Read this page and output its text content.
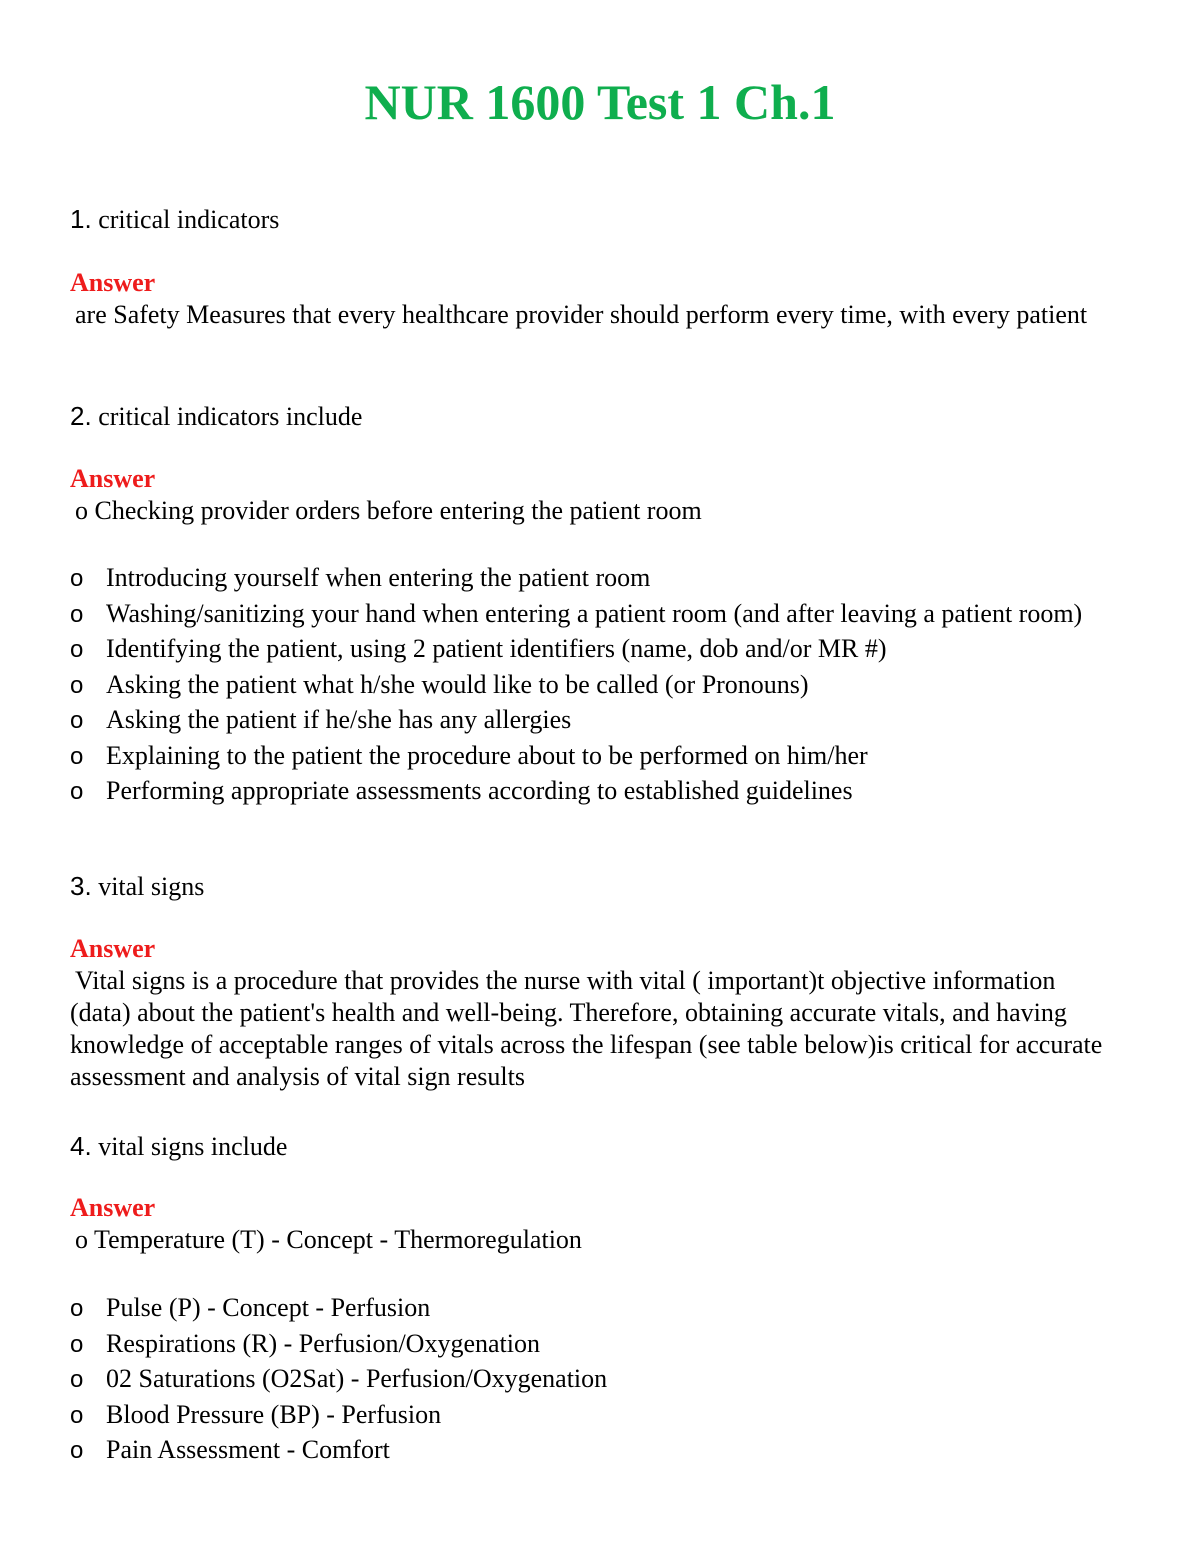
NUR 1600 Test 1 Ch.1
1. critical indicators
Answer
are Safety Measures that every healthcare provider should perform every time, with every patient
2. critical indicators include
Answer
o Checking provider orders before entering the patient room
o Introducing yourself when entering the patient room
o Washing/sanitizing your hand when entering a patient room (and after leaving a patient room)
o Identifying the patient, using 2 patient identifiers (name, dob and/or MR #)
o Asking the patient what h/she would like to be called (or Pronouns)
o Asking the patient if he/she has any allergies
o Explaining to the patient the procedure about to be performed on him/her
o Performing appropriate assessments according to established guidelines
3. vital signs
Answer
Vital signs is a procedure that provides the nurse with vital ( important)t objective information (data) about the patient's health and well-being. Therefore, obtaining accurate vitals, and having knowledge of acceptable ranges of vitals across the lifespan (see table below)is critical for accurate assessment and analysis of vital sign results
4. vital signs include
Answer
o Temperature (T) - Concept - Thermoregulation
o Pulse (P) - Concept - Perfusion
o Respirations (R) - Perfusion/Oxygenation
o 02 Saturations (O2Sat) - Perfusion/Oxygenation
o Blood Pressure (BP) - Perfusion
o Pain Assessment - Comfort
